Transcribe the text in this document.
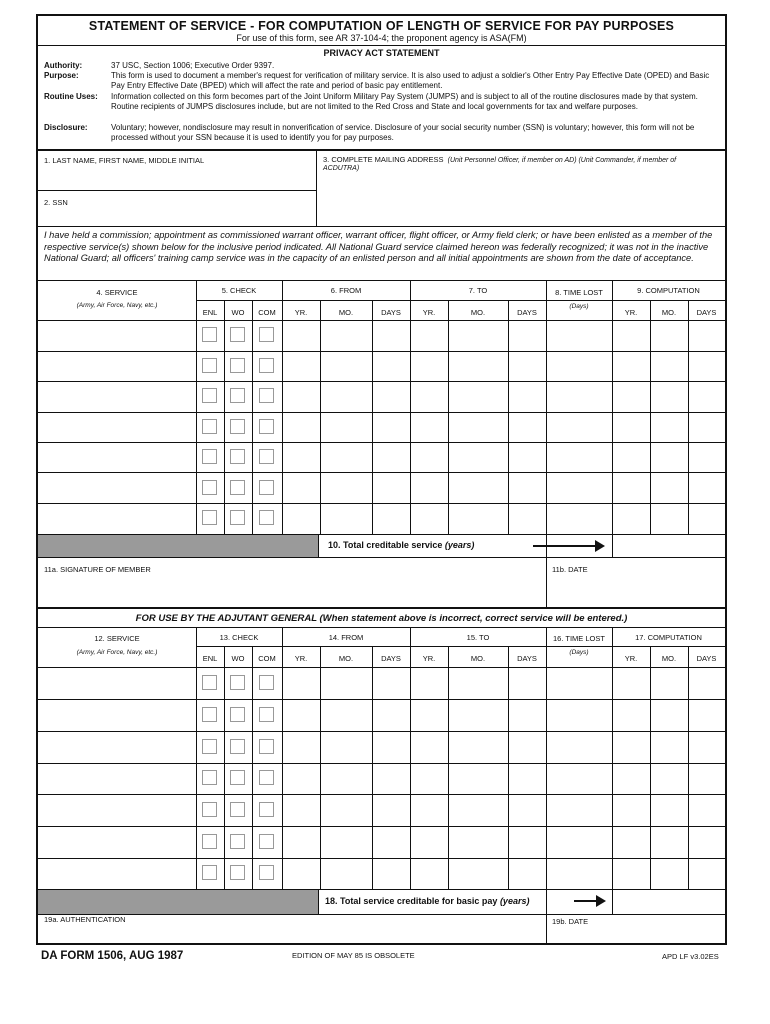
STATEMENT OF SERVICE - FOR COMPUTATION OF LENGTH OF SERVICE FOR PAY PURPOSES
For use of this form, see AR 37-104-4; the proponent agency is ASA(FM)
PRIVACY ACT STATEMENT
Authority:	37 USC, Section 1006; Executive Order 9397.
Purpose:	This form is used to document a member's request for verification of military service. It is also used to adjust a soldier's Other Entry Pay Effective Date (OPED) and Basic Pay Entry Effective Date (BPED) which will affect the rate and period of basic pay entitlement.
Routine Uses: Information collected on this form becomes part of the Joint Uniform Military Pay System (JUMPS) and is subject to all of the routine disclosures made by that system. Routine recipients of JUMPS disclosures include, but are not limited to the Red Cross and State and local governments for tax and welfare purposes.
Disclosure:	Voluntary; however, nondisclosure may result in nonverification of service. Disclosure of your social security number (SSN) is voluntary; however, this form will not be processed without your SSN because it is used to identify you for pay purposes.
1. LAST NAME, FIRST NAME, MIDDLE INITIAL
2. SSN
3. COMPLETE MAILING ADDRESS (Unit Personnel Officer, if member on AD) (Unit Commander, if member of
ACDUTRA)
I have held a commission; appointment as commissioned warrant officer, warrant officer, flight officer, or Army field clerk; or have been enlisted as a member of the respective service(s) shown below for the inclusive period indicated. All National Guard service claimed hereon was federally recognized; it was not in the inactive National Guard; all officers' training camp service was in the capacity of an enlisted person and all initial appointments are shown from the date of acceptance.
4. SERVICE
(Army, Air Force, Navy, etc.)
5. CHECK	6. FROM	7. TO	8. TIME LOST
(Days)
9. COMPUTATION
ENL	WO	COM	YR.	MO.	DAYS	YR.	MO.	DAYS	YR.	MO.	DAYS
10. Total creditable service (years)
11a. SIGNATURE OF MEMBER	11b. DATE
FOR USE BY THE ADJUTANT GENERAL (When statement above is incorrect, correct service will be entered.)
12. SERVICE
(Army, Air Force, Navy, etc.)
13. CHECK	14. FROM	15. TO	16. TIME LOST
(Days)
17. COMPUTATION
ENL	WO	COM	YR.	MO.	DAYS	YR.	MO.	DAYS	YR.	MO.	DAYS
18. Total service creditable for basic pay (years)
19a. AUTHENTICATION	19b. DATE
DA FORM 1506, AUG 1987	EDITION OF MAY 85 IS OBSOLETE	APD LF v3.02ES
